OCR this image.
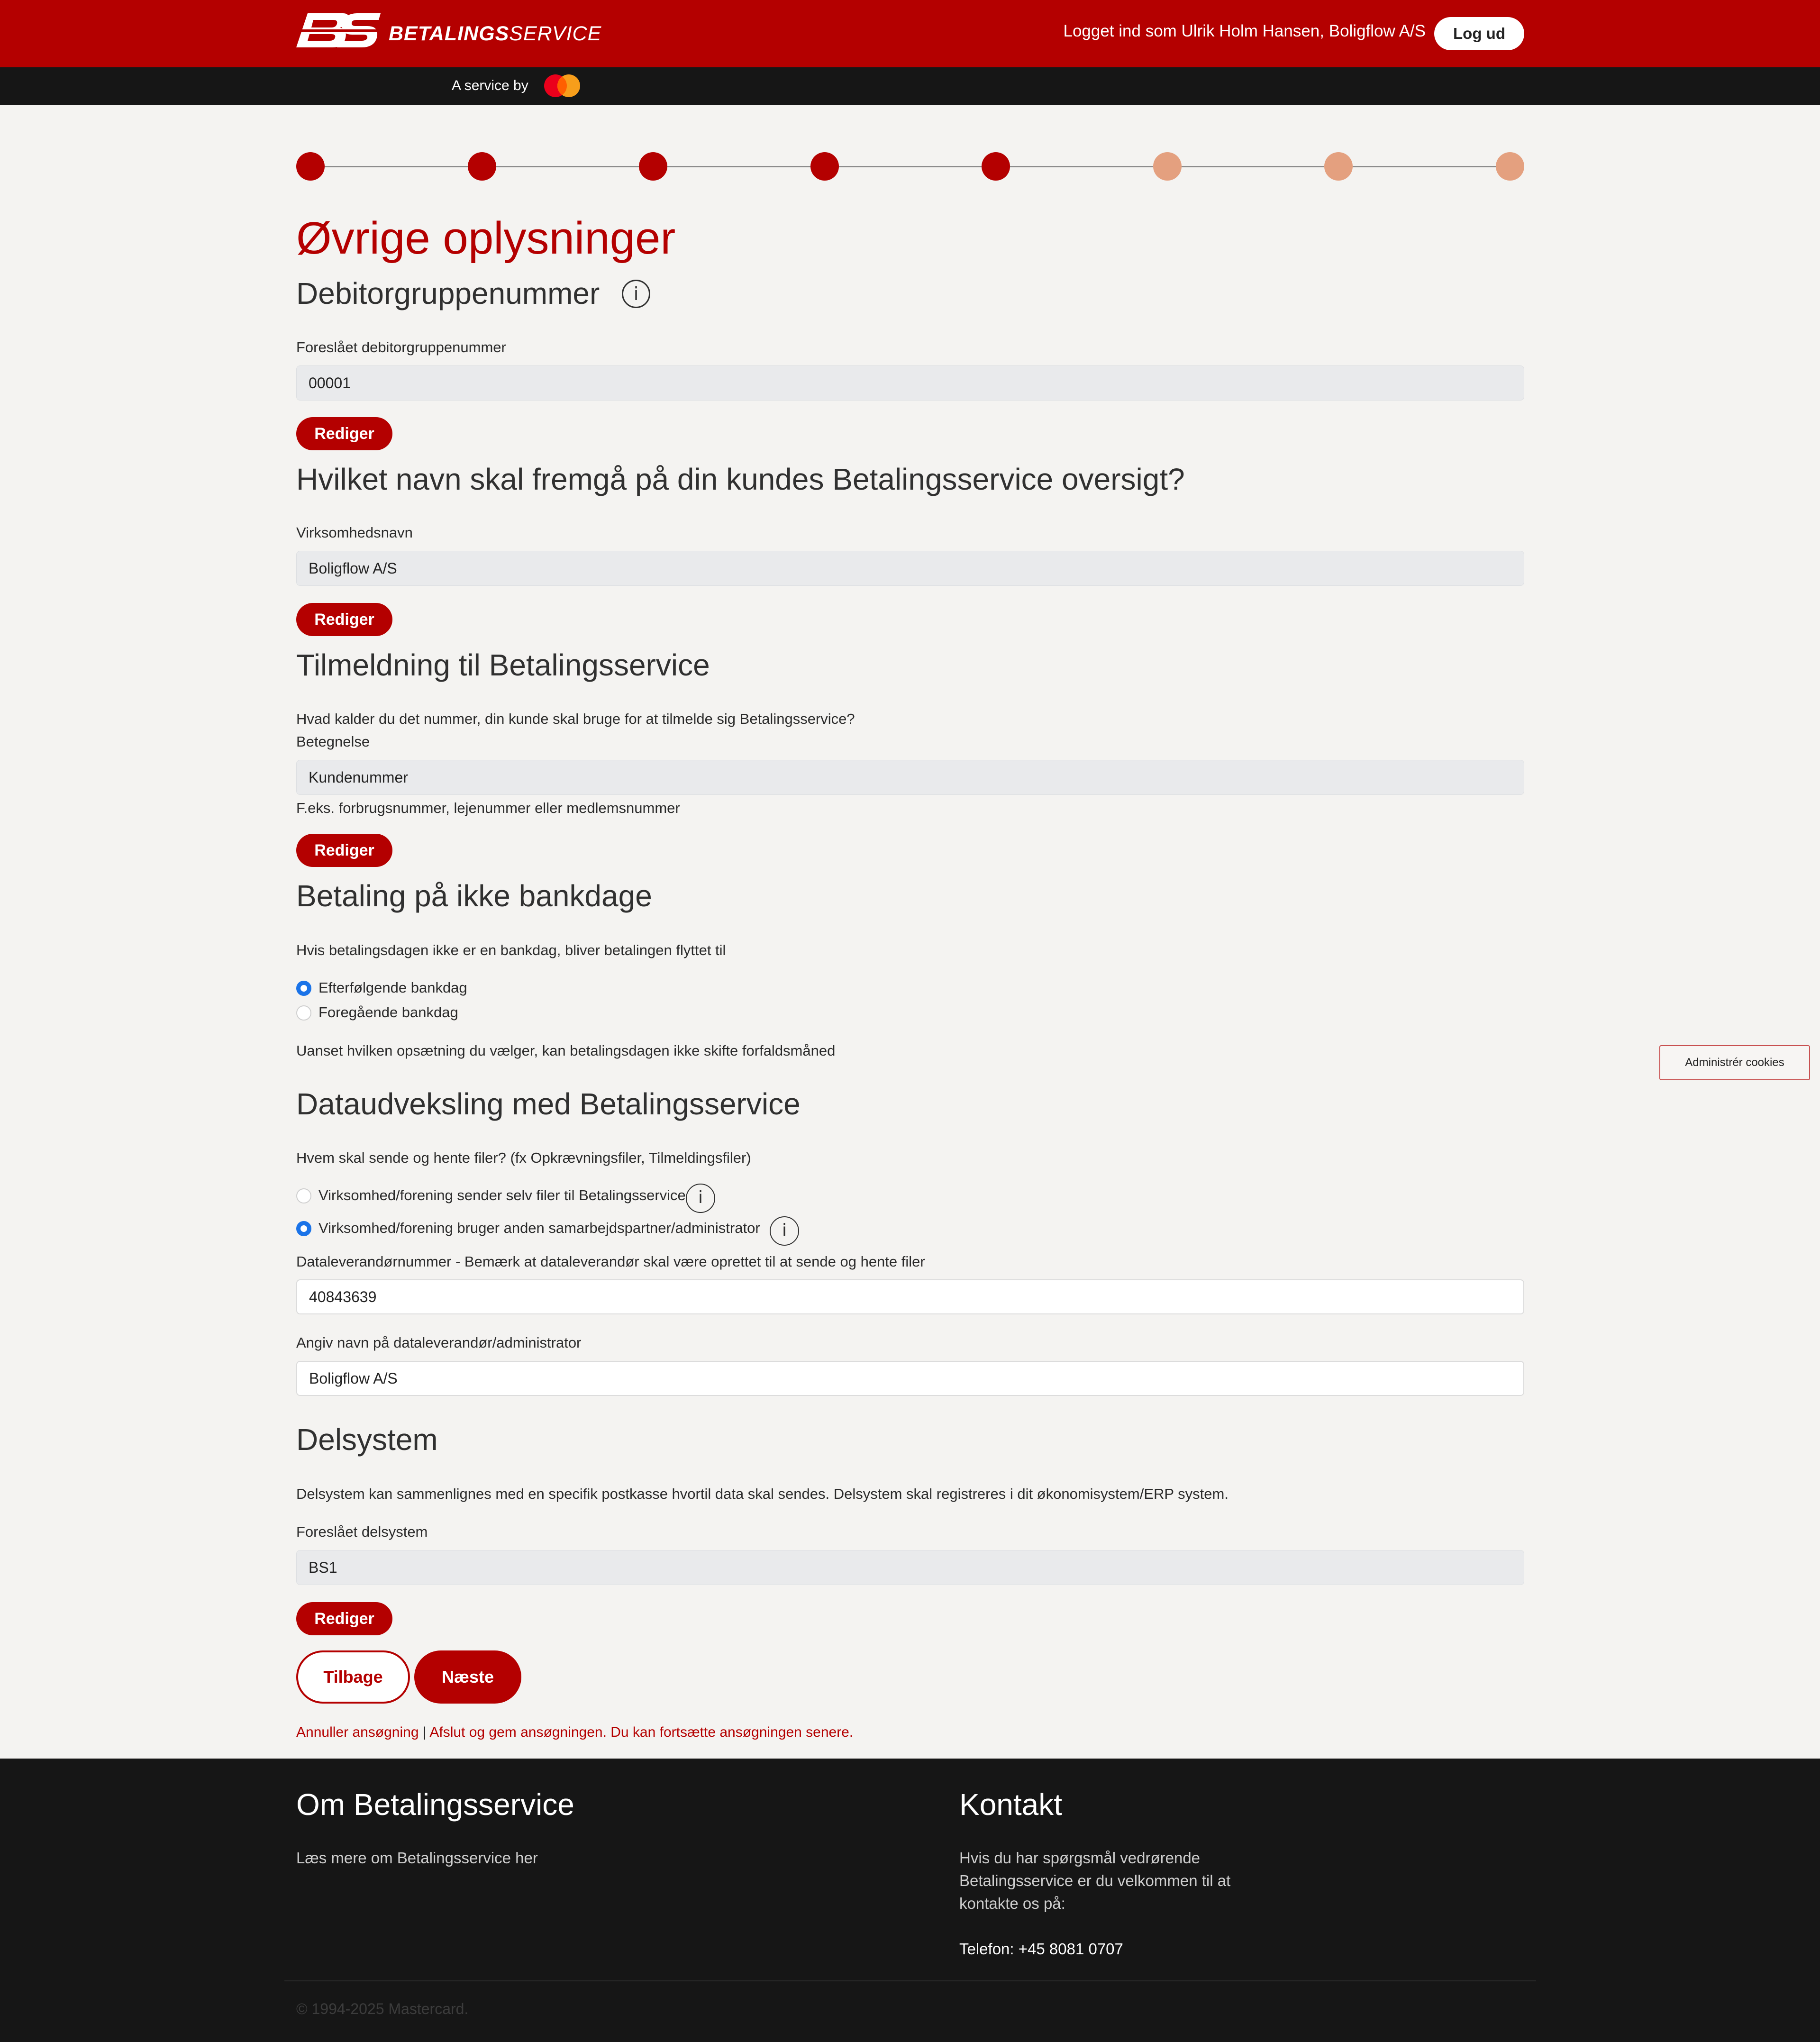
BETALINGSSERVICE	Logget ind som Ulrik Holm Hansen, Boligflow A/S	Log ud
A service by
Øvrige oplysninger
Debitorgruppenummer	i
Foreslået debitorgruppenummer
00001
Rediger
Hvilket navn skal fremgå på din kundes Betalingsservice oversigt?
Virksomhedsnavn
Boligflow A/S
Rediger
Tilmeldning til Betalingsservice
Hvad kalder du det nummer, din kunde skal bruge for at tilmelde sig Betalingsservice?
Betegnelse
Kundenummer
F.eks. forbrugsnummer, lejenummer eller medlemsnummer
Rediger
Betaling på ikke bankdage
Hvis betalingsdagen ikke er en bankdag, bliver betalingen flyttet til
Efterfølgende bankdag
Foregående bankdag
Uanset hvilken opsætning du vælger, kan betalingsdagen ikke skifte forfaldsmåned
Dataudveksling med Betalingsservice
Hvem skal sende og hente filer? (fx Opkrævningsfiler, Tilmeldingsfiler)
Virksomhed/forening sender selv filer til Betalingsservice i
Virksomhed/forening bruger anden samarbejdspartner/administrator	i
Dataleverandørnummer - Bemærk at dataleverandør skal være oprettet til at sende og hente filer
40843639
Angiv navn på dataleverandør/administrator
Boligflow A/S
Delsystem
Delsystem kan sammenlignes med en specifik postkasse hvortil data skal sendes. Delsystem skal registreres i dit økonomisystem/ERP system.
Foreslået delsystem
BS1
Rediger
Tilbage	Næste
Annuller ansøgning | Afslut og gem ansøgningen. Du kan fortsætte ansøgningen senere.
Administrér cookies
Om Betalingsservice
Læs mere om Betalingsservice her
Kontakt
Hvis du har spørgsmål vedrørende
Betalingsservice er du velkommen til at
kontakte os på:
Telefon: +45 8081 0707
© 1994-2025 Mastercard.
